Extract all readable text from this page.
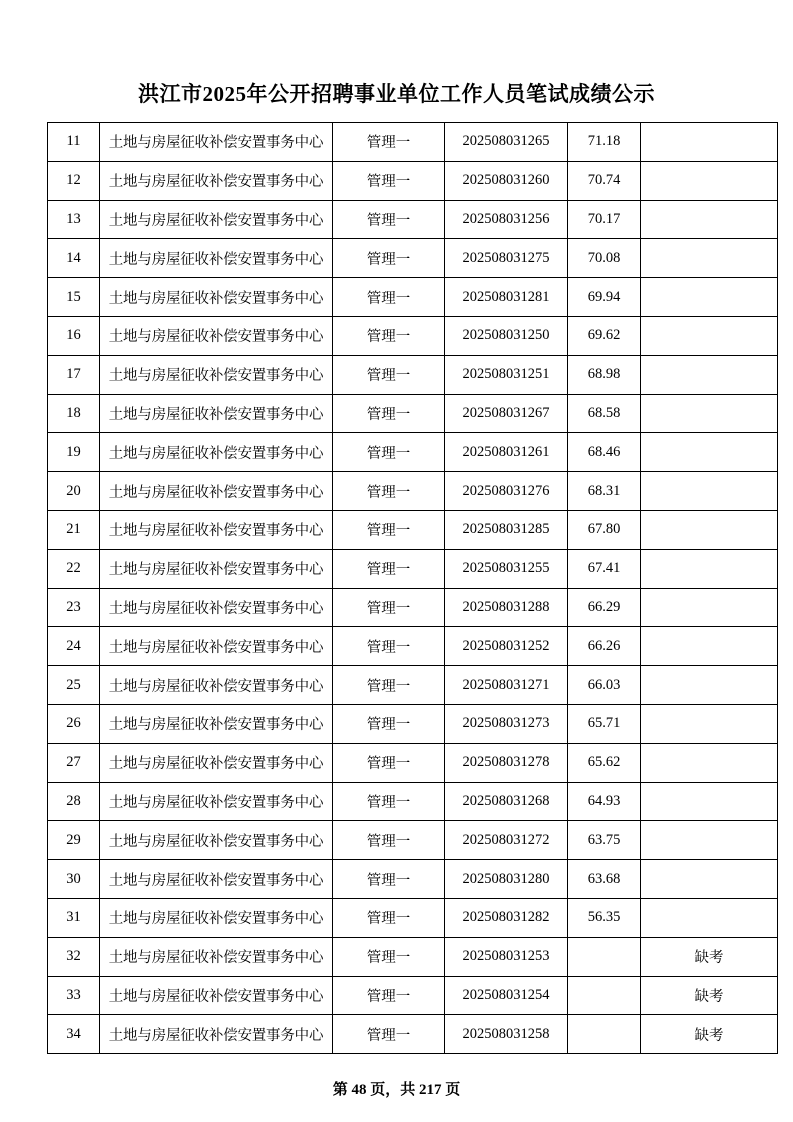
洪江市2025年公开招聘事业单位工作人员笔试成绩公示
11	土地与房屋征收补偿安置事务中心	管理一	202508031265	71.18	
12	土地与房屋征收补偿安置事务中心	管理一	202508031260	70.74	
13	土地与房屋征收补偿安置事务中心	管理一	202508031256	70.17	
14	土地与房屋征收补偿安置事务中心	管理一	202508031275	70.08	
15	土地与房屋征收补偿安置事务中心	管理一	202508031281	69.94	
16	土地与房屋征收补偿安置事务中心	管理一	202508031250	69.62	
17	土地与房屋征收补偿安置事务中心	管理一	202508031251	68.98	
18	土地与房屋征收补偿安置事务中心	管理一	202508031267	68.58	
19	土地与房屋征收补偿安置事务中心	管理一	202508031261	68.46	
20	土地与房屋征收补偿安置事务中心	管理一	202508031276	68.31	
21	土地与房屋征收补偿安置事务中心	管理一	202508031285	67.80	
22	土地与房屋征收补偿安置事务中心	管理一	202508031255	67.41	
23	土地与房屋征收补偿安置事务中心	管理一	202508031288	66.29	
24	土地与房屋征收补偿安置事务中心	管理一	202508031252	66.26	
25	土地与房屋征收补偿安置事务中心	管理一	202508031271	66.03	
26	土地与房屋征收补偿安置事务中心	管理一	202508031273	65.71	
27	土地与房屋征收补偿安置事务中心	管理一	202508031278	65.62	
28	土地与房屋征收补偿安置事务中心	管理一	202508031268	64.93	
29	土地与房屋征收补偿安置事务中心	管理一	202508031272	63.75	
30	土地与房屋征收补偿安置事务中心	管理一	202508031280	63.68	
31	土地与房屋征收补偿安置事务中心	管理一	202508031282	56.35	
32	土地与房屋征收补偿安置事务中心	管理一	202508031253		缺考
33	土地与房屋征收补偿安置事务中心	管理一	202508031254		缺考
34	土地与房屋征收补偿安置事务中心	管理一	202508031258		缺考
第 48 页，共 217 页
